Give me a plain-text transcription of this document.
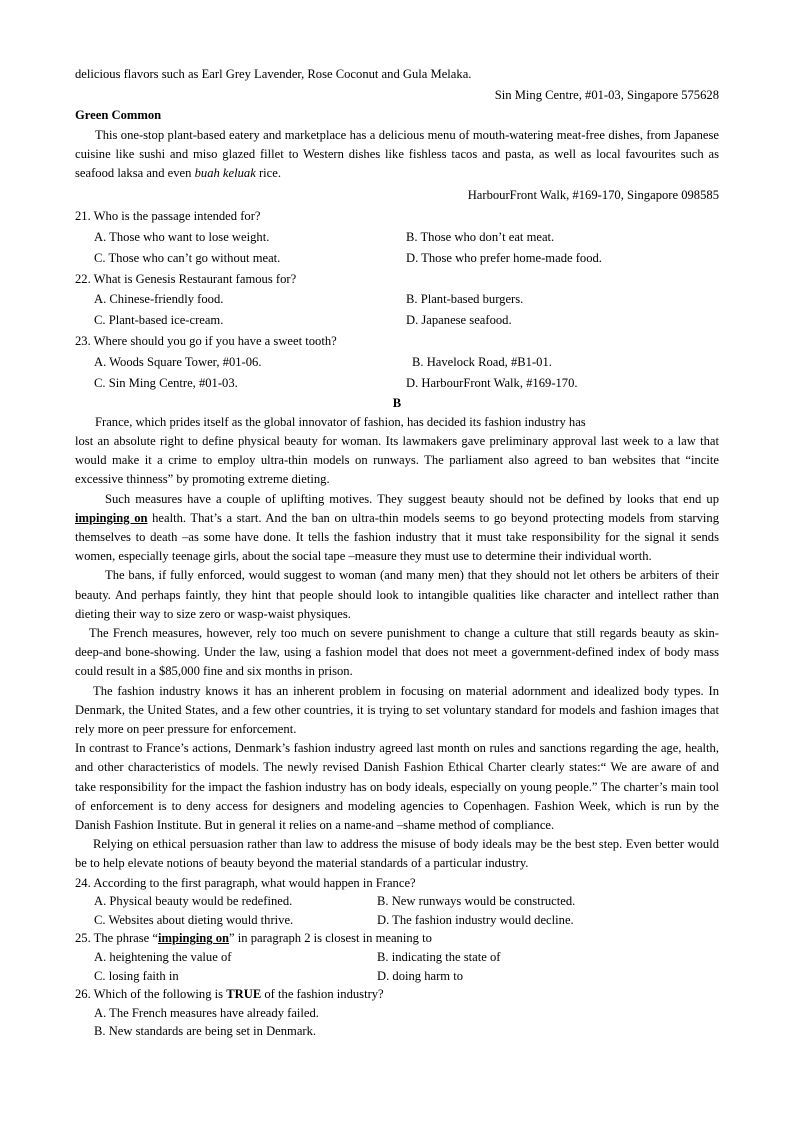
delicious flavors such as Earl Grey Lavender, Rose Coconut and Gula Melaka.
Sin Ming Centre, #01-03, Singapore 575628
Green Common

This one-stop plant-based eatery and marketplace has a delicious menu of mouth-watering meat-free dishes, from Japanese cuisine like sushi and miso glazed fillet to Western dishes like fishless tacos and pasta, as well as local favourites such as seafood laksa and even buah keluak rice.

HarbourFront Walk, #169-170, Singapore 098585
21. Who is the passage intended for?
A. Those who want to lose weight.	B. Those who don’t eat meat.
C. Those who can’t go without meat.	D. Those who prefer home-made food.
22. What is Genesis Restaurant famous for?
A. Chinese-friendly food.	B. Plant-based burgers.
C. Plant-based ice-cream.	D. Japanese seafood.
23. Where should you go if you have a sweet tooth?
A. Woods Square Tower, #01-06.	B. Havelock Road, #B1-01.
C. Sin Ming Centre, #01-03.	D. HarbourFront Walk, #169-170.
B

France, which prides itself as the global innovator of fashion, has decided its fashion industry has

lost an absolute right to define physical beauty for woman. Its lawmakers gave preliminary approval last week to a law that would make it a crime to employ ultra-thin models on runways. The parliament also agreed to ban websites that “incite excessive thinness” by promoting extreme dieting.

Such measures have a couple of uplifting motives. They suggest beauty should not be defined by looks that end up impinging on health. That’s a start. And the ban on ultra-thin models seems to go beyond protecting models from starving themselves to death –as some have done. It tells the fashion industry that it must take responsibility for the signal it sends women, especially teenage girls, about the social tape –measure they must use to determine their individual worth.

The bans, if fully enforced, would suggest to woman (and many men) that they should not let others be arbiters of their beauty. And perhaps faintly, they hint that people should look to intangible qualities like character and intellect rather than dieting their way to size zero or wasp-waist physiques.

The French measures, however, rely too much on severe punishment to change a culture that still regards beauty as skin-deep-and bone-showing. Under the law, using a fashion model that does not meet a government-defined index of body mass could result in a $85,000 fine and six months in prison.

The fashion industry knows it has an inherent problem in focusing on material adornment and idealized body types. In Denmark, the United States, and a few other countries, it is trying to set voluntary standard for models and fashion images that rely more on peer pressure for enforcement.

In contrast to France’s actions, Denmark’s fashion industry agreed last month on rules and sanctions regarding the age, health, and other characteristics of models. The newly revised Danish Fashion Ethical Charter clearly states:“ We are aware of and take responsibility for the impact the fashion industry has on body ideals, especially on young people.” The charter’s main tool of enforcement is to deny access for designers and modeling agencies to Copenhagen. Fashion Week, which is run by the Danish Fashion Institute. But in general it relies on a name-and –shame method of compliance.

Relying on ethical persuasion rather than law to address the misuse of body ideals may be the best step. Even better would be to help elevate notions of beauty beyond the material standards of a particular industry.

24. According to the first paragraph, what would happen in France?
A. Physical beauty would be redefined.	B. New runways would be constructed.
C. Websites about dieting would thrive.	D. The fashion industry would decline.
25. The phrase “impinging on” in paragraph 2 is closest in meaning to
A. heightening the value of	B. indicating the state of
C. losing faith in	D. doing harm to
26. Which of the following is TRUE of the fashion industry?
A. The French measures have already failed.
B. New standards are being set in Denmark.
